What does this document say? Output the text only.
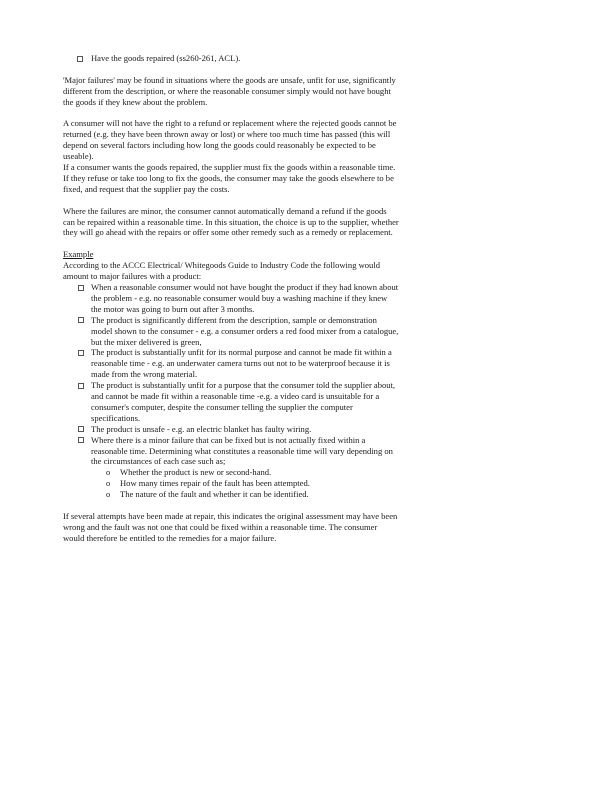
Have the goods repaired (ss260-261, ACL).

'Major failures' may be found in situations where the goods are unsafe, unfit for use, significantly different from the description, or where the reasonable consumer simply would not have bought the goods if they knew about the problem.

A consumer will not have the right to a refund or replacement where the rejected goods cannot be returned (e.g. they have been thrown away or lost) or where too much time has passed (this will depend on several factors including how long the goods could reasonably be expected to be useable).

If a consumer wants the goods repaired, the supplier must fix the goods within a reasonable time. If they refuse or take too long to fix the goods, the consumer may take the goods elsewhere to be fixed, and request that the supplier pay the costs.

Where the failures are minor, the consumer cannot automatically demand a refund if the goods can be repaired within a reasonable time. In this situation, the choice is up to the supplier, whether they will go ahead with the repairs or offer some other remedy such as a remedy or replacement.

Example

According to the ACCC Electrical/ Whitegoods Guide to Industry Code the following would amount to major failures with a product:

When a reasonable consumer would not have bought the product if they had known about the problem - e.g. no reasonable consumer would buy a washing machine if they knew the motor was going to burn out after 3 months.
The product is significantly different from the description, sample or demonstration model shown to the consumer - e.g. a consumer orders a red food mixer from a catalogue, but the mixer delivered is green,
The product is substantially unfit for its normal purpose and cannot be made fit within a reasonable time - e.g. an underwater camera turns out not to be waterproof because it is made from the wrong material.
The product is substantially unfit for a purpose that the consumer told the supplier about, and cannot be made fit within a reasonable time -e.g. a video card is unsuitable for a consumer's computer, despite the consumer telling the supplier the computer specifications.
The product is unsafe - e.g. an electric blanket has faulty wiring.
Where there is a minor failure that can be fixed but is not actually fixed within a reasonable time. Determining what constitutes a reasonable time will vary depending on the circumstances of each case such as;
o Whether the product is new or second-hand.
o How many times repair of the fault has been attempted.
o The nature of the fault and whether it can be identified.

If several attempts have been made at repair, this indicates the original assessment may have been wrong and the fault was not one that could be fixed within a reasonable time. The consumer would therefore be entitled to the remedies for a major failure.
